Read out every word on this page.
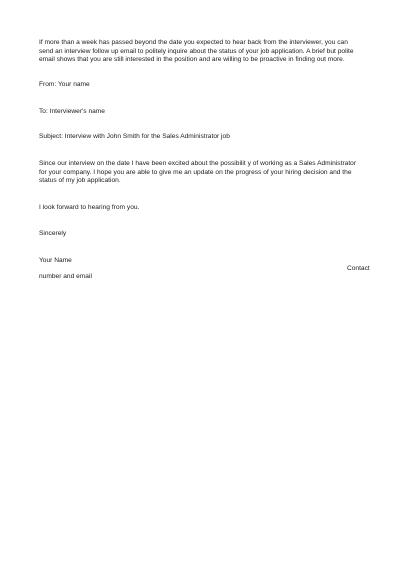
If more than a week has passed beyond the date you expected to hear back from the interviewer, you can
send an interview follow up email to politely inquire about the status of your job application. A brief but polite
email shows that you are still interested in the position and are willing to be proactive in finding out more.
From: Your name
To: Interviewer's name
Subject: Interview with John Smith for the Sales Administrator job
Since our interview on the date I have been excited about the possibilit y of working as a Sales Administrator
for your company. I hope you are able to give me an update on the progress of your hiring decision and the
status of my job application.
I look forward to hearing from you.
Sincerely
Your Name
Contact
number and email
